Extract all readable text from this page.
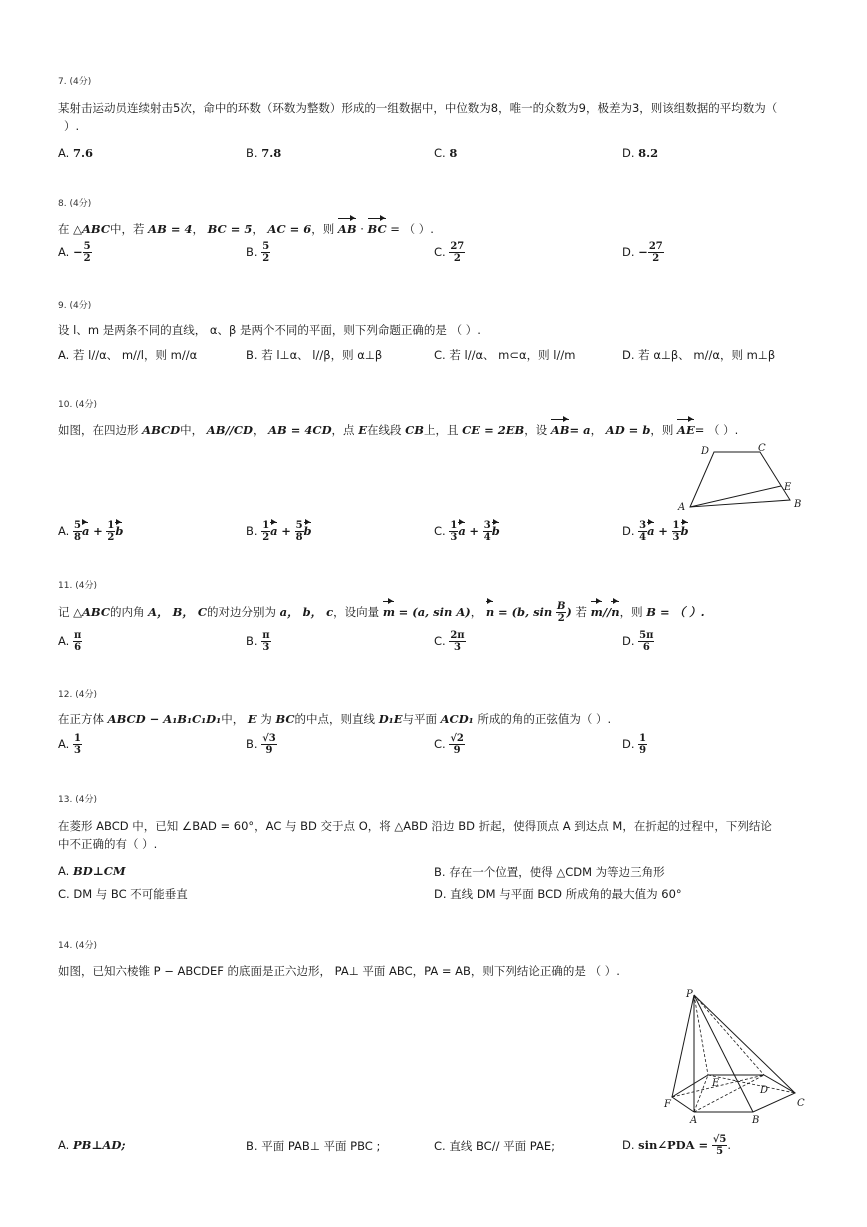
7. (4分)
某射击运动员连续射击5次，命中的环数（环数为整数）形成的一组数据中，中位数为8，唯一的众数为9，极差为3，则该组数据的平均数为（
）.
A. 7.6	B. 7.8	C. 8	D. 8.2
8. (4分)
在 △ABC中，若 AB = 4， BC = 5， AC = 6，则 AB · BC = （ ）.
A. − $\frac{5}{2}$	B. $\frac{5}{2}$	C. $\frac{27}{2}$	D. − $\frac{27}{2}$
9. (4分)
设 l、m 是两条不同的直线， α、β 是两个不同的平面，则下列命题正确的是 （ ）.
A. 若 l//α、 m//l，则 m//α	B. 若 l⊥α、 l//β，则 α⊥β	C. 若 l//α、 m⊂α，则 l//m	D. 若 α⊥β、 m//α，则 m⊥β
10. (4分)
如图，在四边形 ABCD中， AB//CD， AB = 4CD，点 E在线段 CB上，且 CE = 2EB，设 AB= a， AD = b，则 AE= （ ）.
D	C
E
B
A
A. $\frac{5}{8}$ $a + \frac{1}{2}$ b	B. $\frac{1}{2}$ $a + \frac{5}{8}$ b	C. $\frac{1}{3}$ $a + \frac{3}{4}$ b	D. $\frac{3}{4}$ $a + \frac{1}{3}$ b
11. (4分)
记 △ABC的内角 A， B， C的对边分别为 a， b， c，设向量 m = (a, sin A)， n = (b, $\sin \frac{B}{2}$ ) 若 m//n，则 B = （ ）.
A. $\frac{\pi}{6}$	B. $\frac{\pi}{3}$	C. $\frac{2\pi}{3}$	D. $\frac{5\pi}{6}$
12. (4分)
在正方体 ABCD − A₁B₁C₁D₁中， E 为 BC的中点，则直线 D₁E与平面 ACD₁ 所成的角的正弦值为（ ）.
A. $\frac{1}{3}$	B. $\frac{√3}{9}$	C. $\frac{√2}{9}$	D. $\frac{1}{9}$
13. (4分)
在菱形 ABCD 中，已知 ∠BAD = 60°，AC 与 BD 交于点 O，将 △ABD 沿边 BD 折起，使得顶点 A 到达点 M，在折起的过程中，下列结论
中不正确的有（ ）.
A. BD⊥CM	B. 存在一个位置，使得 △CDM 为等边三角形
C. DM 与 BC 不可能垂直	D. 直线 DM 与平面 BCD 所成角的最大值为 60°
14. (4分)
如图，已知六棱锥 P − ABCDEF 的底面是正六边形， PA⊥ 平面 ABC，PA = AB，则下列结论正确的是 （ ）.
P
E
D
C
B
A
F
A. PB⊥AD;	B. 平面 PAB⊥ 平面 PBC ;	C. 直线 BC// 平面 PAE;	D. sin∠PDA = $\frac{√5}{5}$ .
